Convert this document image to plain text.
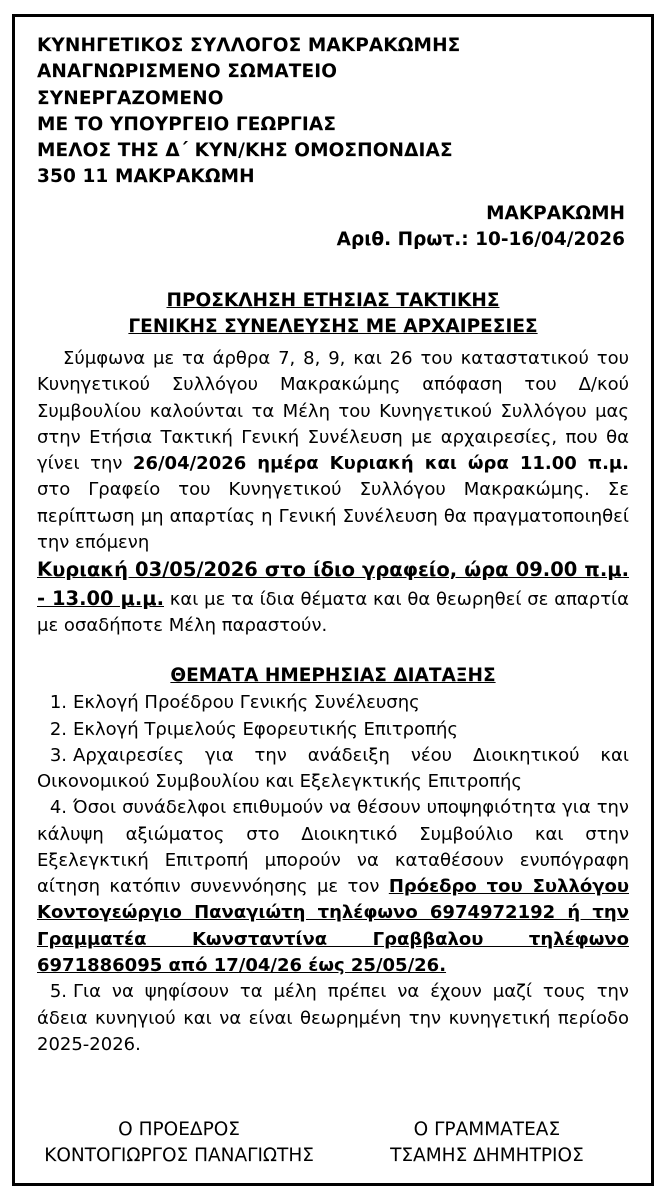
ΚΥΝΗΓΕΤΙΚΟΣ ΣΥΛΛΟΓΟΣ ΜΑΚΡΑΚΩΜΗΣ
ΑΝΑΓΝΩΡΙΣΜΕΝΟ ΣΩΜΑΤΕΙΟ
ΣΥΝΕΡΓΑΖΟΜΕΝΟ
ΜΕ ΤΟ ΥΠΟΥΡΓΕΙΟ ΓΕΩΡΓΙΑΣ
ΜΕΛΟΣ ΤΗΣ Δ΄ ΚΥΝ/ΚΗΣ ΟΜΟΣΠΟΝΔΙΑΣ
350 11 ΜΑΚΡΑΚΩΜΗ
ΜΑΚΡΑΚΩΜΗ
Αριθ. Πρωτ.: 10-16/04/2026
ΠΡΟΣΚΛΗΣΗ ΕΤΗΣΙΑΣ ΤΑΚΤΙΚΗΣ
ΓΕΝΙΚΗΣ ΣΥΝΕΛΕΥΣΗΣ ΜΕ ΑΡΧΑΙΡΕΣΙΕΣ

Σύμφωνα με τα άρθρα 7, 8, 9, και 26 του καταστατικού του Κυνηγετικού Συλλόγου Μακρακώμης απόφαση του Δ/κού Συμβουλίου καλούνται τα Μέλη του Κυνηγετικού Συλλόγου μας στην Ετήσια Τακτική Γενική Συνέλευση με αρχαιρεσίες, που θα γίνει την 26/04/2026 ημέρα Κυριακή και ώρα 11.00 π.μ. στο Γραφείο του Κυνηγετικού Συλλόγου Μακρακώμης. Σε περίπτωση μη απαρτίας η Γενική Συνέλευση θα πραγματοποιηθεί την επόμενη

Κυριακή 03/05/2026 στο ίδιο γραφείο, ώρα 09.00 π.μ. - 13.00 μ.μ. και με τα ίδια θέματα και θα θεωρηθεί σε απαρτία με οσαδήποτε Μέλη παραστούν.

ΘΕΜΑΤΑ ΗΜΕΡΗΣΙΑΣ ΔΙΑΤΑΞΗΣ
1. Εκλογή Προέδρου Γενικής Συνέλευσης
2. Εκλογή Τριμελούς Εφορευτικής Επιτροπής
3. Αρχαιρεσίες για την ανάδειξη νέου Διοικητικού και Οικονομικού Συμβουλίου και Εξελεγκτικής Επιτροπής

4. Όσοι συνάδελφοι επιθυμούν να θέσουν υποψηφιότητα για την κάλυψη αξιώματος στο Διοικητικό Συμβούλιο και στην Εξελεγκτική Επιτροπή μπορούν να καταθέσουν ενυπόγραφη αίτηση κατόπιν συνεννόησης με τον Πρόεδρο του Συλλόγου Κοντογεώργιο Παναγιώτη τηλέφωνο 6974972192 ή την Γραμματέα Κωνσταντίνα Γραββαλου τηλέφωνο 6971886095 από 17/04/26 έως 25/05/26.

5. Για να ψηφίσουν τα μέλη πρέπει να έχουν μαζί τους την άδεια κυνηγιού και να είναι θεωρημένη την κυνηγετική περίοδο 2025-2026.

Ο ΠΡΟΕΔΡΟΣ
ΚΟΝΤΟΓΙΩΡΓΟΣ ΠΑΝΑΓΙΩΤΗΣ
Ο ΓΡΑΜΜΑΤΕΑΣ
ΤΣΑΜΗΣ ΔΗΜΗΤΡΙΟΣ
